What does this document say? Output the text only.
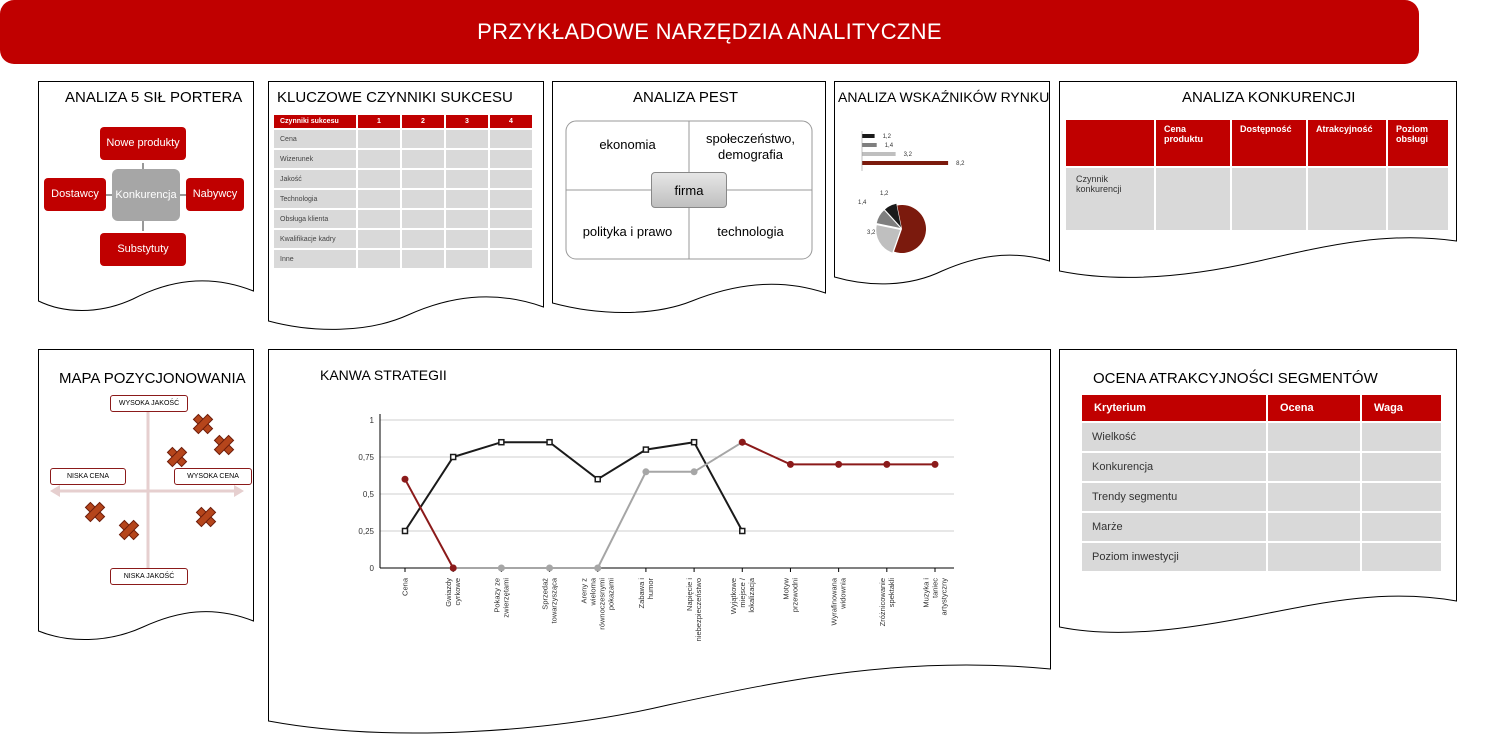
PRZYKŁADOWE NARZĘDZIA ANALITYCZNE
ANALIZA 5 SIŁ PORTERA
Nowe produkty
Dostawcy	Konkurencja	Nabywcy
Substytuty
KLUCZOWE CZYNNIKI SUKCESU
Czynniki sukcesu	1	2	3	4
Cena				
Wizerunek				
Jakość				
Technologia				
Obsługa klienta				
Kwalifikacje kadry				
Inne				
ANALIZA PEST
ekonomia	społeczeństwo, demografia
polityka i prawo	technologia
firma
ANALIZA WSKAŹNIKÓW RYNKU
1,2
1,4
3,2
8,2
1,4
1,2
3,2
ANALIZA KONKURENCJI
	Cena produktu	Dostępność	Atrakcyjność	Poziom obsługi
Czynnik konkurencji				
MAPA POZYCJONOWANIA
WYSOKA JAKOŚĆ
NISKA JAKOŚĆ
NISKA CENA	WYSOKA CENA
KANWA STRATEGII
0
0,25
0,5
0,75
1
Cena	Gwiazdycyrkowe	Pokazy zezwierzętami	Sprzedażtowarzysząca	Areny zwielomarównoczesnymipokazami	Zabawa ihumor	Napięcie iniebezpieczeństwo	Wyjątkowemiejsce /lokalizacja	Motywprzewodni	Wyrafinowanawidownia	Zróżnicowaniespektakli	Muzyka itaniecartystyczny
OCENA ATRAKCYJNOŚCI SEGMENTÓW
Kryterium	Ocena	Waga
Wielkość		
Konkurencja		
Trendy segmentu		
Marże		
Poziom inwestycji		
